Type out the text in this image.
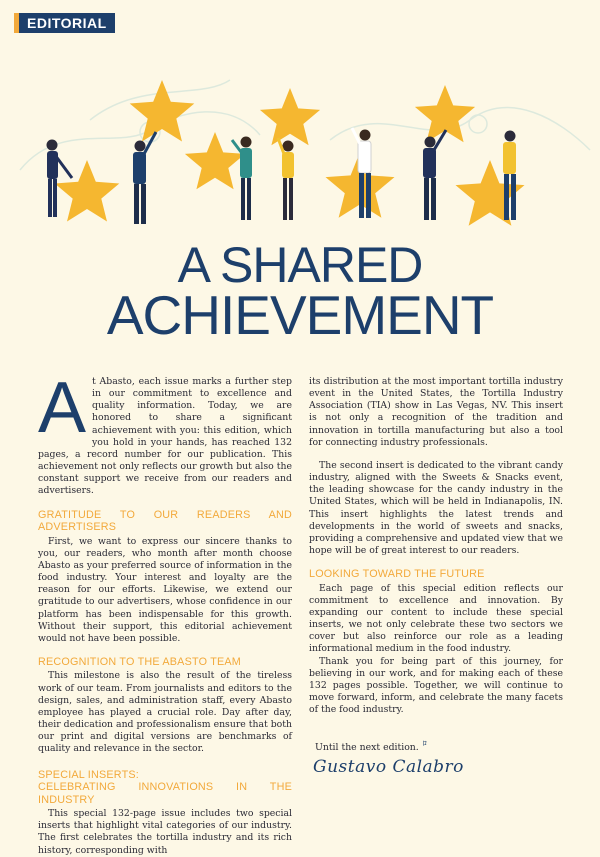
EDITORIAL
A SHARED
ACHIEVEMENT

At Abasto, each issue marks a further step in our commitment to excellence and quality information. Today, we are honored to share a significant achievement with you: this edition, which you hold in your hands, has reached 132 pages, a record number for our publication. This achievement not only reflects our growth but also the constant support we receive from our readers and advertisers.

GRATITUDE TO OUR READERS AND ADVERTISERS

First, we want to express our sincere thanks to you, our readers, who month after month choose Abasto as your preferred source of information in the food industry. Your interest and loyalty are the reason for our efforts. Likewise, we extend our gratitude to our advertisers, whose confidence in our platform has been indispensable for this growth. Without their support, this editorial achievement would not have been possible.

RECOGNITION TO THE ABASTO TEAM

This milestone is also the result of the tireless work of our team. From journalists and editors to the design, sales, and administration staff, every Abasto employee has played a crucial role. Day after day, their dedication and professionalism ensure that both our print and digital versions are benchmarks of quality and relevance in the sector.

SPECIAL INSERTS:
CELEBRATING INNOVATIONS IN THE INDUSTRY

This special 132-page issue includes two special inserts that highlight vital categories of our industry. The first celebrates the tortilla industry and its rich history, corresponding with

its distribution at the most important tortilla industry event in the United States, the Tortilla Industry Association (TIA) show in Las Vegas, NV. This insert is not only a recognition of the tradition and innovation in tortilla manufacturing but also a tool for connecting industry professionals.

The second insert is dedicated to the vibrant candy industry, aligned with the Sweets & Snacks event, the leading showcase for the candy industry in the United States, which will be held in Indianapolis, IN. This insert highlights the latest trends and developments in the world of sweets and snacks, providing a comprehensive and updated view that we hope will be of great interest to our readers.

LOOKING TOWARD THE FUTURE

Each page of this special edition reflects our commitment to excellence and innovation. By expanding our content to include these special inserts, we not only celebrate these two sectors we cover but also reinforce our role as a leading informational medium in the food industry.

Thank you for being part of this journey, for believing in our work, and for making each of these 132 pages possible. Together, we will continue to move forward, inform, and celebrate the many facets of the food industry.

Until the next edition. ﾛ
Gustavo Calabro
